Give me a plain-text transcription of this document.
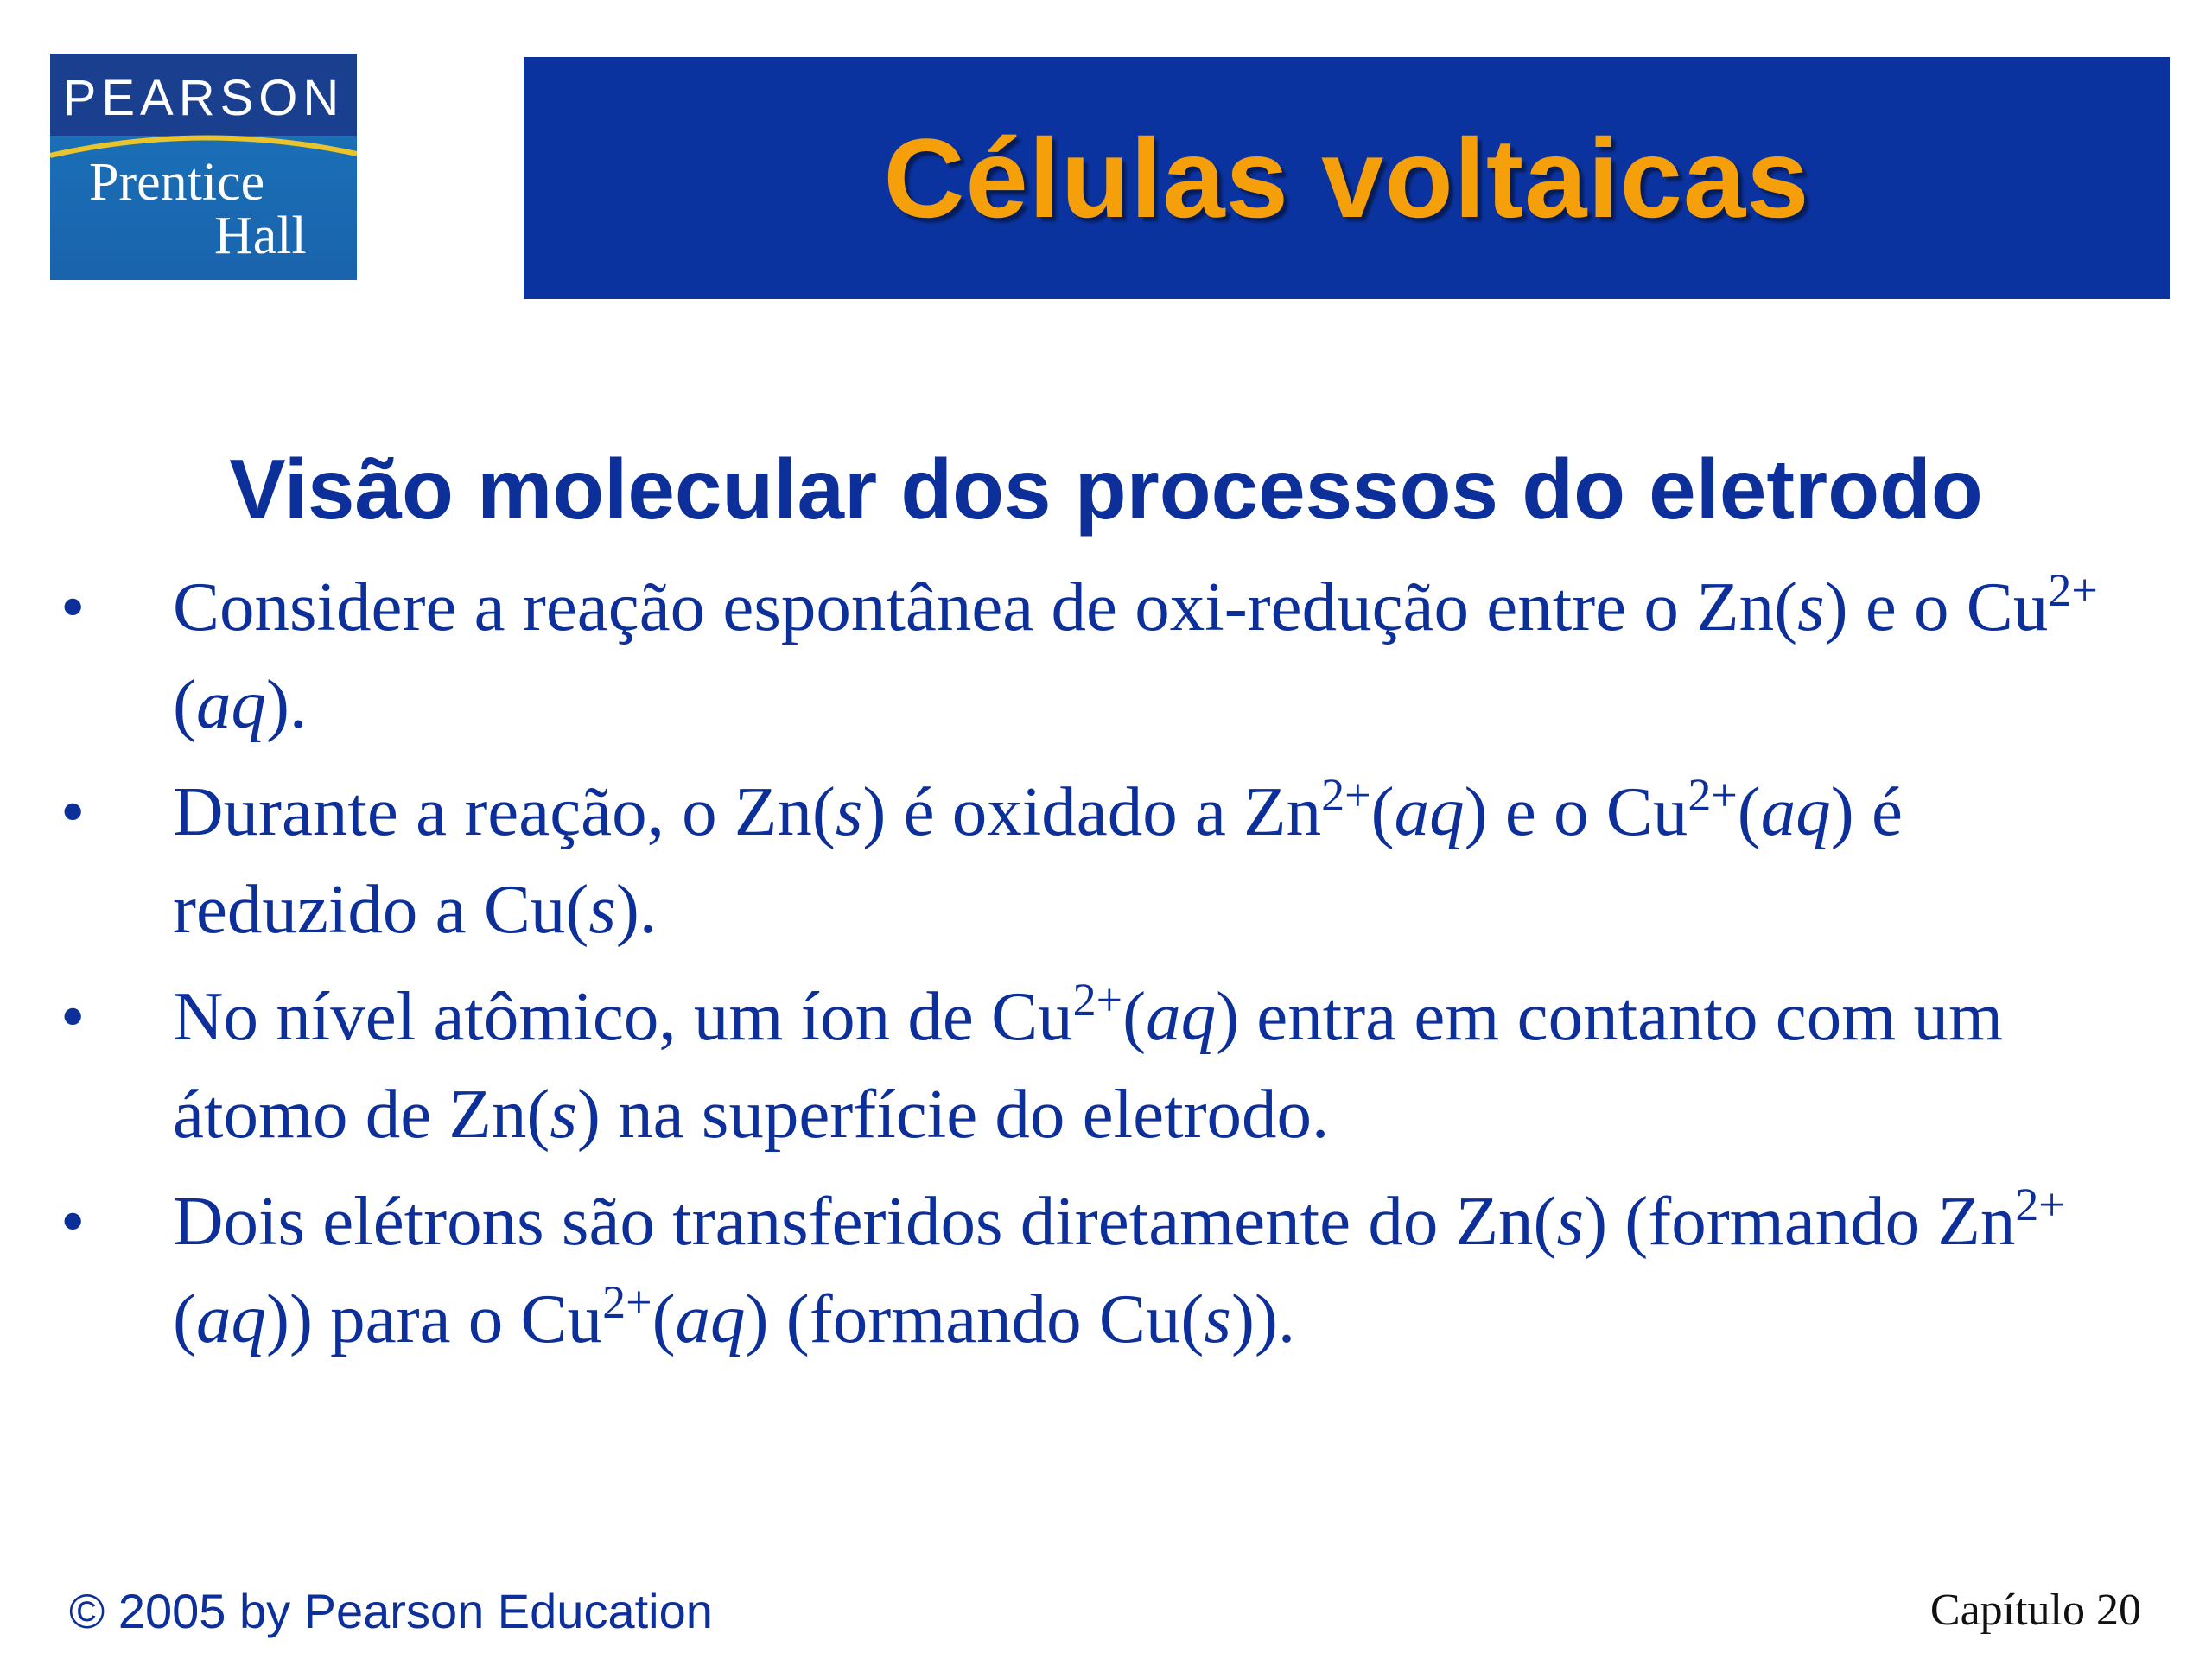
PEARSON
Prentice
Hall	Células voltaicas
Visão molecular dos processos do eletrodo
•	Considere a reação espontânea de oxi-redução entre o Zn(s) e o $Cu^{2+}(aq)$.
•	Durante a reação, o Zn(s) é oxidado a $Zn^{2+}(aq)$ e o $Cu^{2+}(aq)$ é reduzido a Cu(s).
•	No nível atômico, um íon de $Cu^{2+}(aq)$ entra em contanto com um átomo de Zn(s) na superfície do eletrodo.
•	Dois elétrons são transferidos diretamente do Zn(s) (formando $Zn^{2+}(aq)$) para o $Cu^{2+}(aq)$ (formando Cu(s)).
© 2005 by Pearson Education	Capítulo 20
